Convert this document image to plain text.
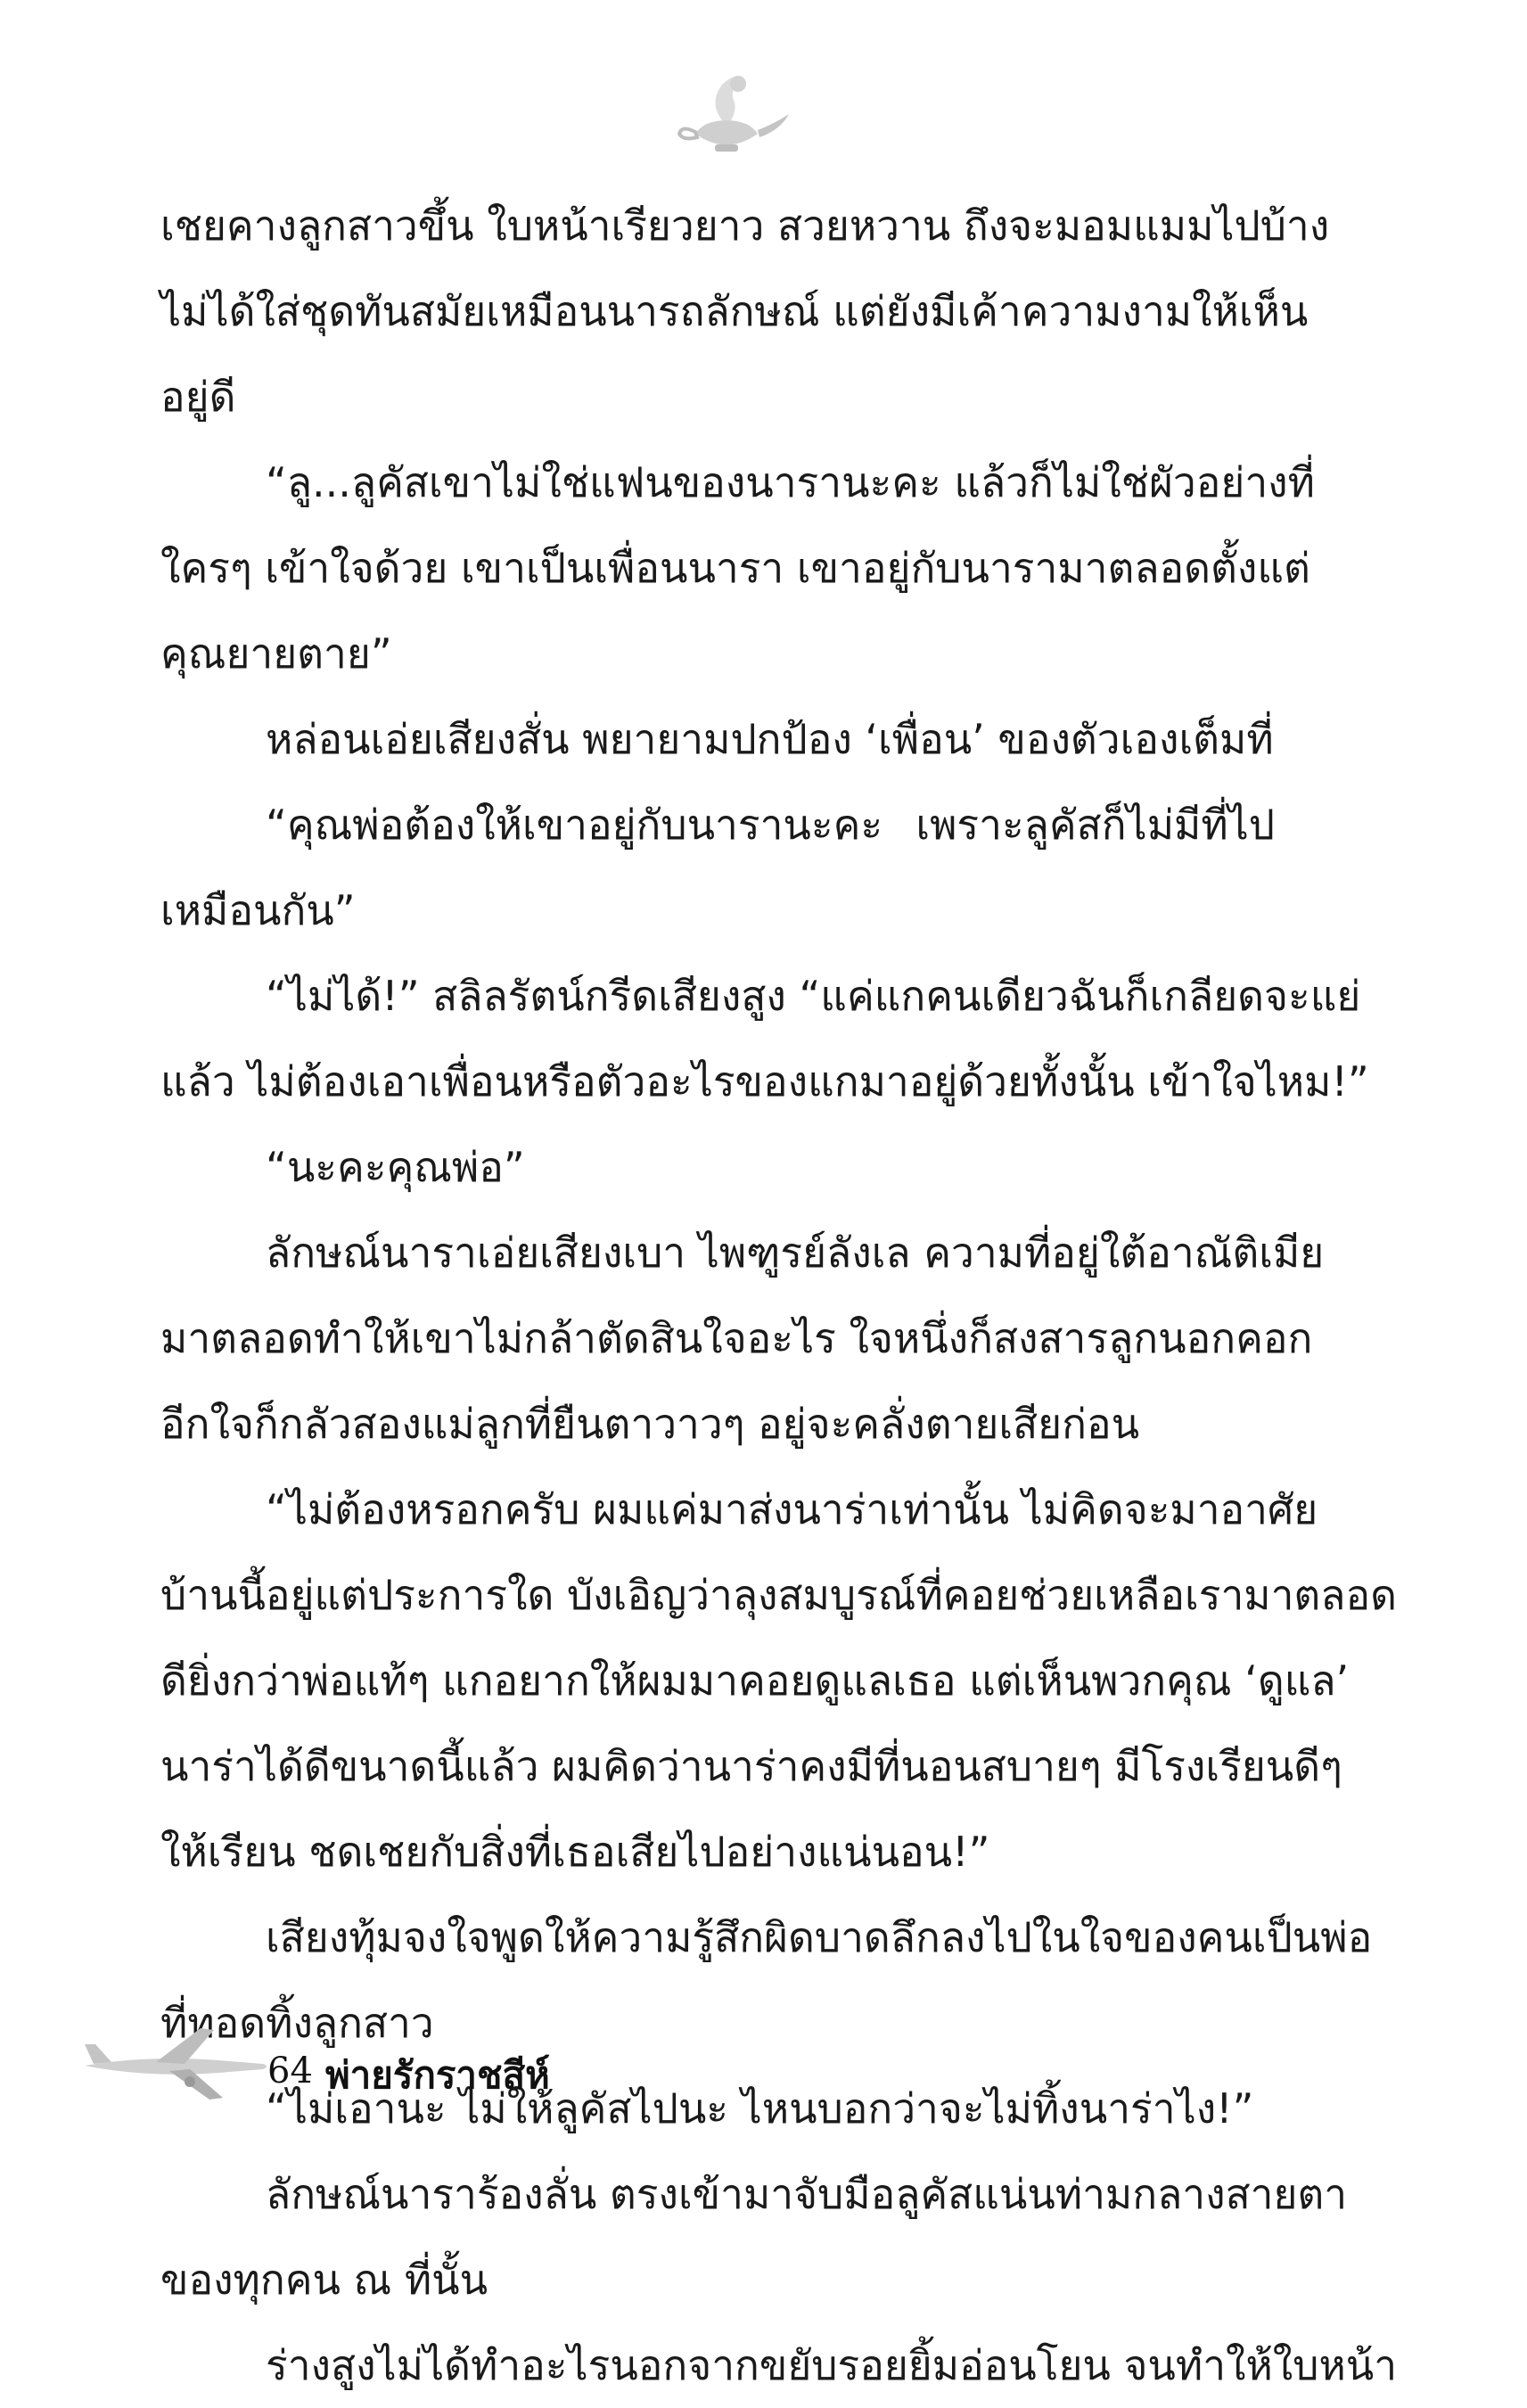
เชยคางลูกสาวขึ้น ใบหน้าเรียวยาว สวยหวาน ถึงจะมอมแมมไปบ้าง
ไม่ได้ใส่ชุดทันสมัยเหมือนนารถลักษณ์ แต่ยังมีเค้าความงามให้เห็น
อยู่ดี
“ลู...ลูคัสเขาไม่ใช่แฟนของนารานะคะ แล้วก็ไม่ใช่ผัวอย่างที่
ใครๆ เข้าใจด้วย เขาเป็นเพื่อนนารา เขาอยู่กับนารามาตลอดตั้งแต่
คุณยายตาย”
หล่อนเอ่ยเสียงสั่น พยายามปกป้อง ‘เพื่อน’ ของตัวเองเต็มที่
“คุณพ่อต้องให้เขาอยู่กับนารานะคะ เพราะลูคัสก็ไม่มีที่ไป
เหมือนกัน”
“ไม่ได้!” สลิลรัตน์กรีดเสียงสูง “แค่แกคนเดียวฉันก็เกลียดจะแย่
แล้ว ไม่ต้องเอาเพื่อนหรือตัวอะไรของแกมาอยู่ด้วยทั้งนั้น เข้าใจไหม!”
“นะคะคุณพ่อ”
ลักษณ์นาราเอ่ยเสียงเบา ไพฑูรย์ลังเล ความที่อยู่ใต้อาณัติเมีย
มาตลอดทำให้เขาไม่กล้าตัดสินใจอะไร ใจหนึ่งก็สงสารลูกนอกคอก
อีกใจก็กลัวสองแม่ลูกที่ยืนตาวาวๆ อยู่จะคลั่งตายเสียก่อน
“ไม่ต้องหรอกครับ ผมแค่มาส่งนาร่าเท่านั้น ไม่คิดจะมาอาศัย
บ้านนี้อยู่แต่ประการใด บังเอิญว่าลุงสมบูรณ์ที่คอยช่วยเหลือเรามาตลอด
ดียิ่งกว่าพ่อแท้ๆ แกอยากให้ผมมาคอยดูแลเธอ แต่เห็นพวกคุณ ‘ดูแล’
นาร่าได้ดีขนาดนี้แล้ว ผมคิดว่านาร่าคงมีที่นอนสบายๆ มีโรงเรียนดีๆ
ให้เรียน ชดเชยกับสิ่งที่เธอเสียไปอย่างแน่นอน!”
เสียงทุ้มจงใจพูดให้ความรู้สึกผิดบาดลึกลงไปในใจของคนเป็นพ่อ
ที่ทอดทิ้งลูกสาว
“ไม่เอานะ ไม่ให้ลูคัสไปนะ ไหนบอกว่าจะไม่ทิ้งนาร่าไง!”
ลักษณ์นาราร้องลั่น ตรงเข้ามาจับมือลูคัสแน่นท่ามกลางสายตา
ของทุกคน ณ ที่นั้น
ร่างสูงไม่ได้ทำอะไรนอกจากขยับรอยยิ้มอ่อนโยน จนทำให้ใบหน้า
64 พ่ายรักราชสีห์
